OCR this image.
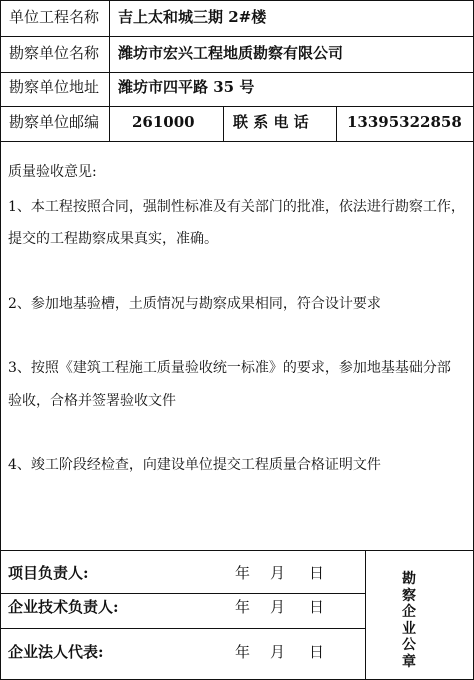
单位工程名称 吉上太和城三期 2#楼
勘察单位名称 潍坊市宏兴工程地质勘察有限公司
勘察单位地址 潍坊市四平路 35 号
勘察单位邮编 261000	联 系 电 话	13395322858
质量验收意见:
1、本工程按照合同，强制性标准及有关部门的批准，依法进行勘察工作，
提交的工程勘察成果真实，准确。
2、参加地基验槽，土质情况与勘察成果相同，符合设计要求
3、按照《建筑工程施工质量验收统一标准》的要求，参加地基基础分部
验收，合格并签署验收文件
4、竣工阶段经检查，向建设单位提交工程质量合格证明文件
项目负责人:	年 月 日
企业技术负责人:	年 月 日
企业法人代表:	年 月 日
勘察企业公章
